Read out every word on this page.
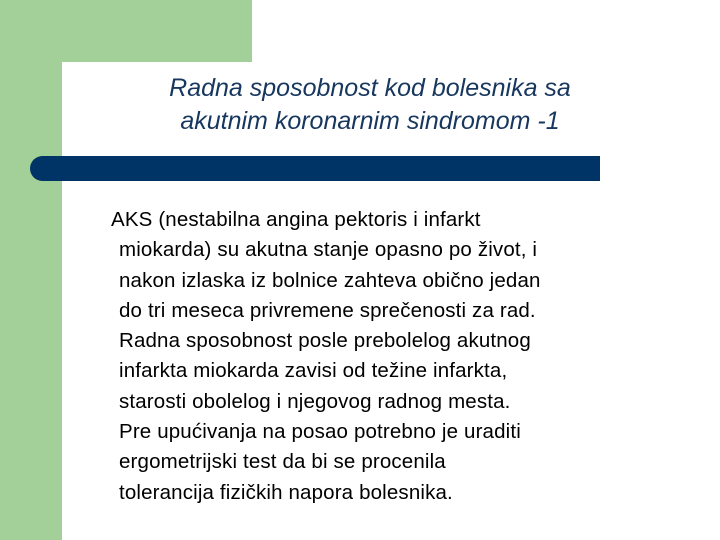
Radna sposobnost kod bolesnika sa
akutnim koronarnim sindromom -1
AKS (nestabilna angina pektoris i infarkt
miokarda) su akutna stanje opasno po život, i
nakon izlaska iz bolnice zahteva obično jedan
do tri meseca privremene sprečenosti za rad.
Radna sposobnost posle prebolelog akutnog
infarkta miokarda zavisi od težine infarkta,
starosti obolelog i njegovog radnog mesta.
Pre upućivanja na posao potrebno je uraditi
ergometrijski test da bi se procenila
tolerancija fizičkih napora bolesnika.
